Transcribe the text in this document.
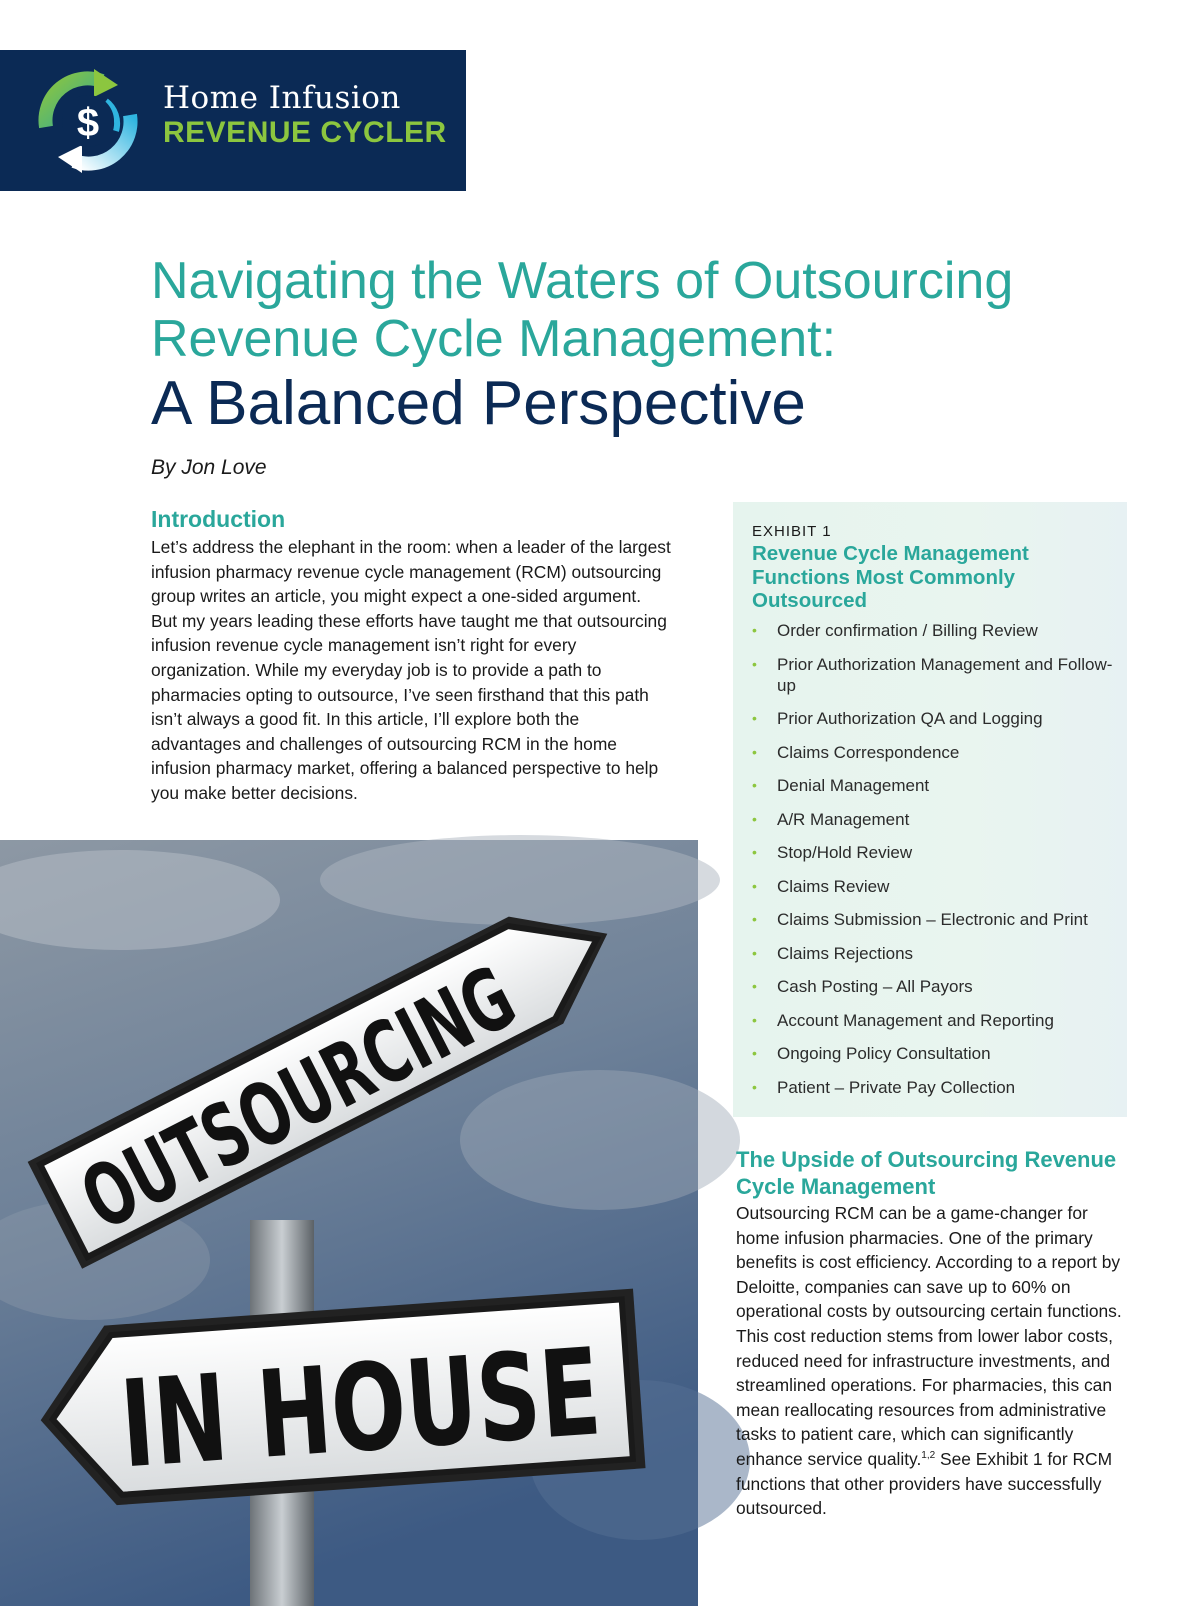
$
Home Infusion
REVENUE CYCLER
Navigating the Waters of Outsourcing
Revenue Cycle Management:
A Balanced Perspective
By Jon Love
Introduction
Let’s address the elephant in the room: when a leader of the largest infusion pharmacy revenue cycle management (RCM) outsourcing group writes an article, you might expect a one-sided argument. But my years leading these efforts have taught me that outsourcing infusion revenue cycle management isn’t right for every organization. While my everyday job is to provide a path to pharmacies opting to outsource, I’ve seen firsthand that this path isn’t always a good fit. In this article, I’ll explore both the advantages and challenges of outsourcing RCM in the home infusion pharmacy market, offering a balanced perspective to help you make better decisions.
EXHIBIT 1
Revenue Cycle Management Functions Most Commonly Outsourced
• Order confirmation / Billing Review
• Prior Authorization Management and Follow-up
• Prior Authorization QA and Logging
• Claims Correspondence
• Denial Management
• A/R Management
• Stop/Hold Review
• Claims Review
• Claims Submission – Electronic and Print
• Claims Rejections
• Cash Posting – All Payors
• Account Management and Reporting
• Ongoing Policy Consultation
• Patient – Private Pay Collection
OUTSOURCING
IN HOUSE
The Upside of Outsourcing Revenue Cycle Management
Outsourcing RCM can be a game-changer for home infusion pharmacies. One of the primary benefits is cost efficiency. According to a report by Deloitte, companies can save up to 60% on operational costs by outsourcing certain functions. This cost reduction stems from lower labor costs, reduced need for infrastructure investments, and streamlined operations. For pharmacies, this can mean reallocating resources from administrative tasks to patient care, which can significantly enhance service quality.$^{1,2}$ See Exhibit 1 for RCM functions that other providers have successfully outsourced.
